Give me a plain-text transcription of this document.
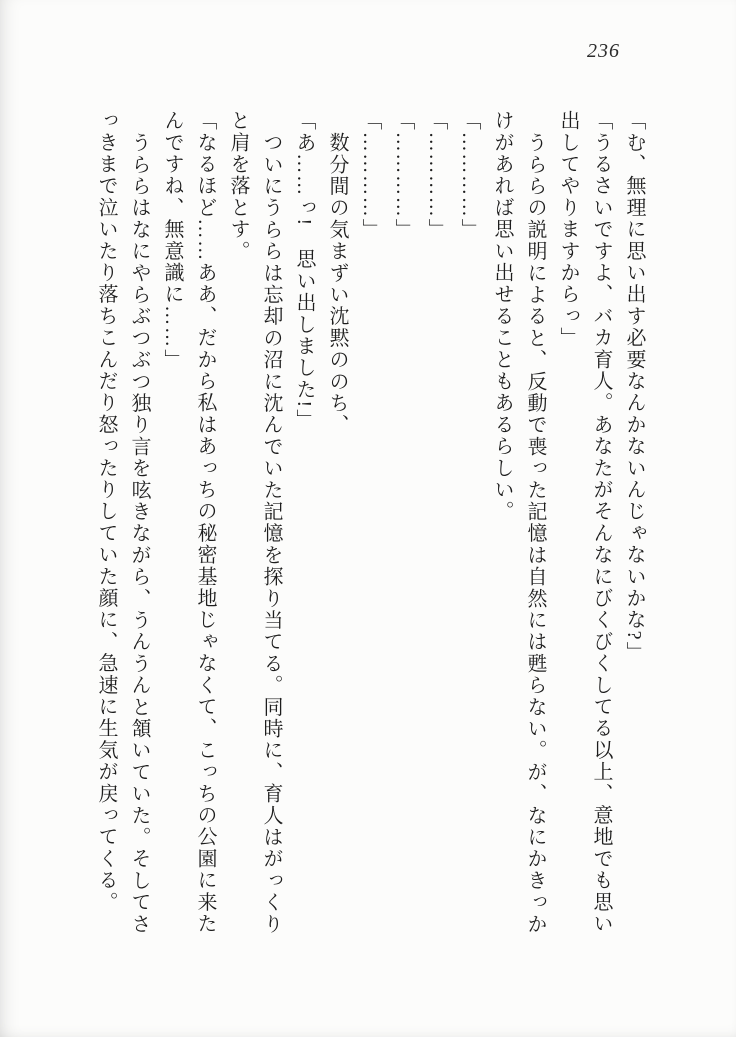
236
「む、無理に思い出す必要なんかないんじゃないかな?」
「うるさいですよ、バカ育人。あなたがそんなにびくびくしてる以上、意地でも思い
出してやりますからっ」
うららの説明によると、反動で喪った記憶は自然には甦らない。が、なにかきっか
けがあれば思い出せることもあるらしい。
「…………」
「…………」
「…………」
「…………」
数分間の気まずい沈黙ののち、
「あ……っ!　思い出しました!」
ついにうららは忘却の沼に沈んでいた記憶を探り当てる。同時に、育人はがっくり
と肩を落とす。
「なるほど……ああ、だから私はあっちの秘密基地じゃなくて、こっちの公園に来た
んですね、無意識に……」
うららはなにやらぶつぶつ独り言を呟きながら、うんうんと頷いていた。そしてさ
っきまで泣いたり落ちこんだり怒ったりしていた顔に、急速に生気が戻ってくる。
